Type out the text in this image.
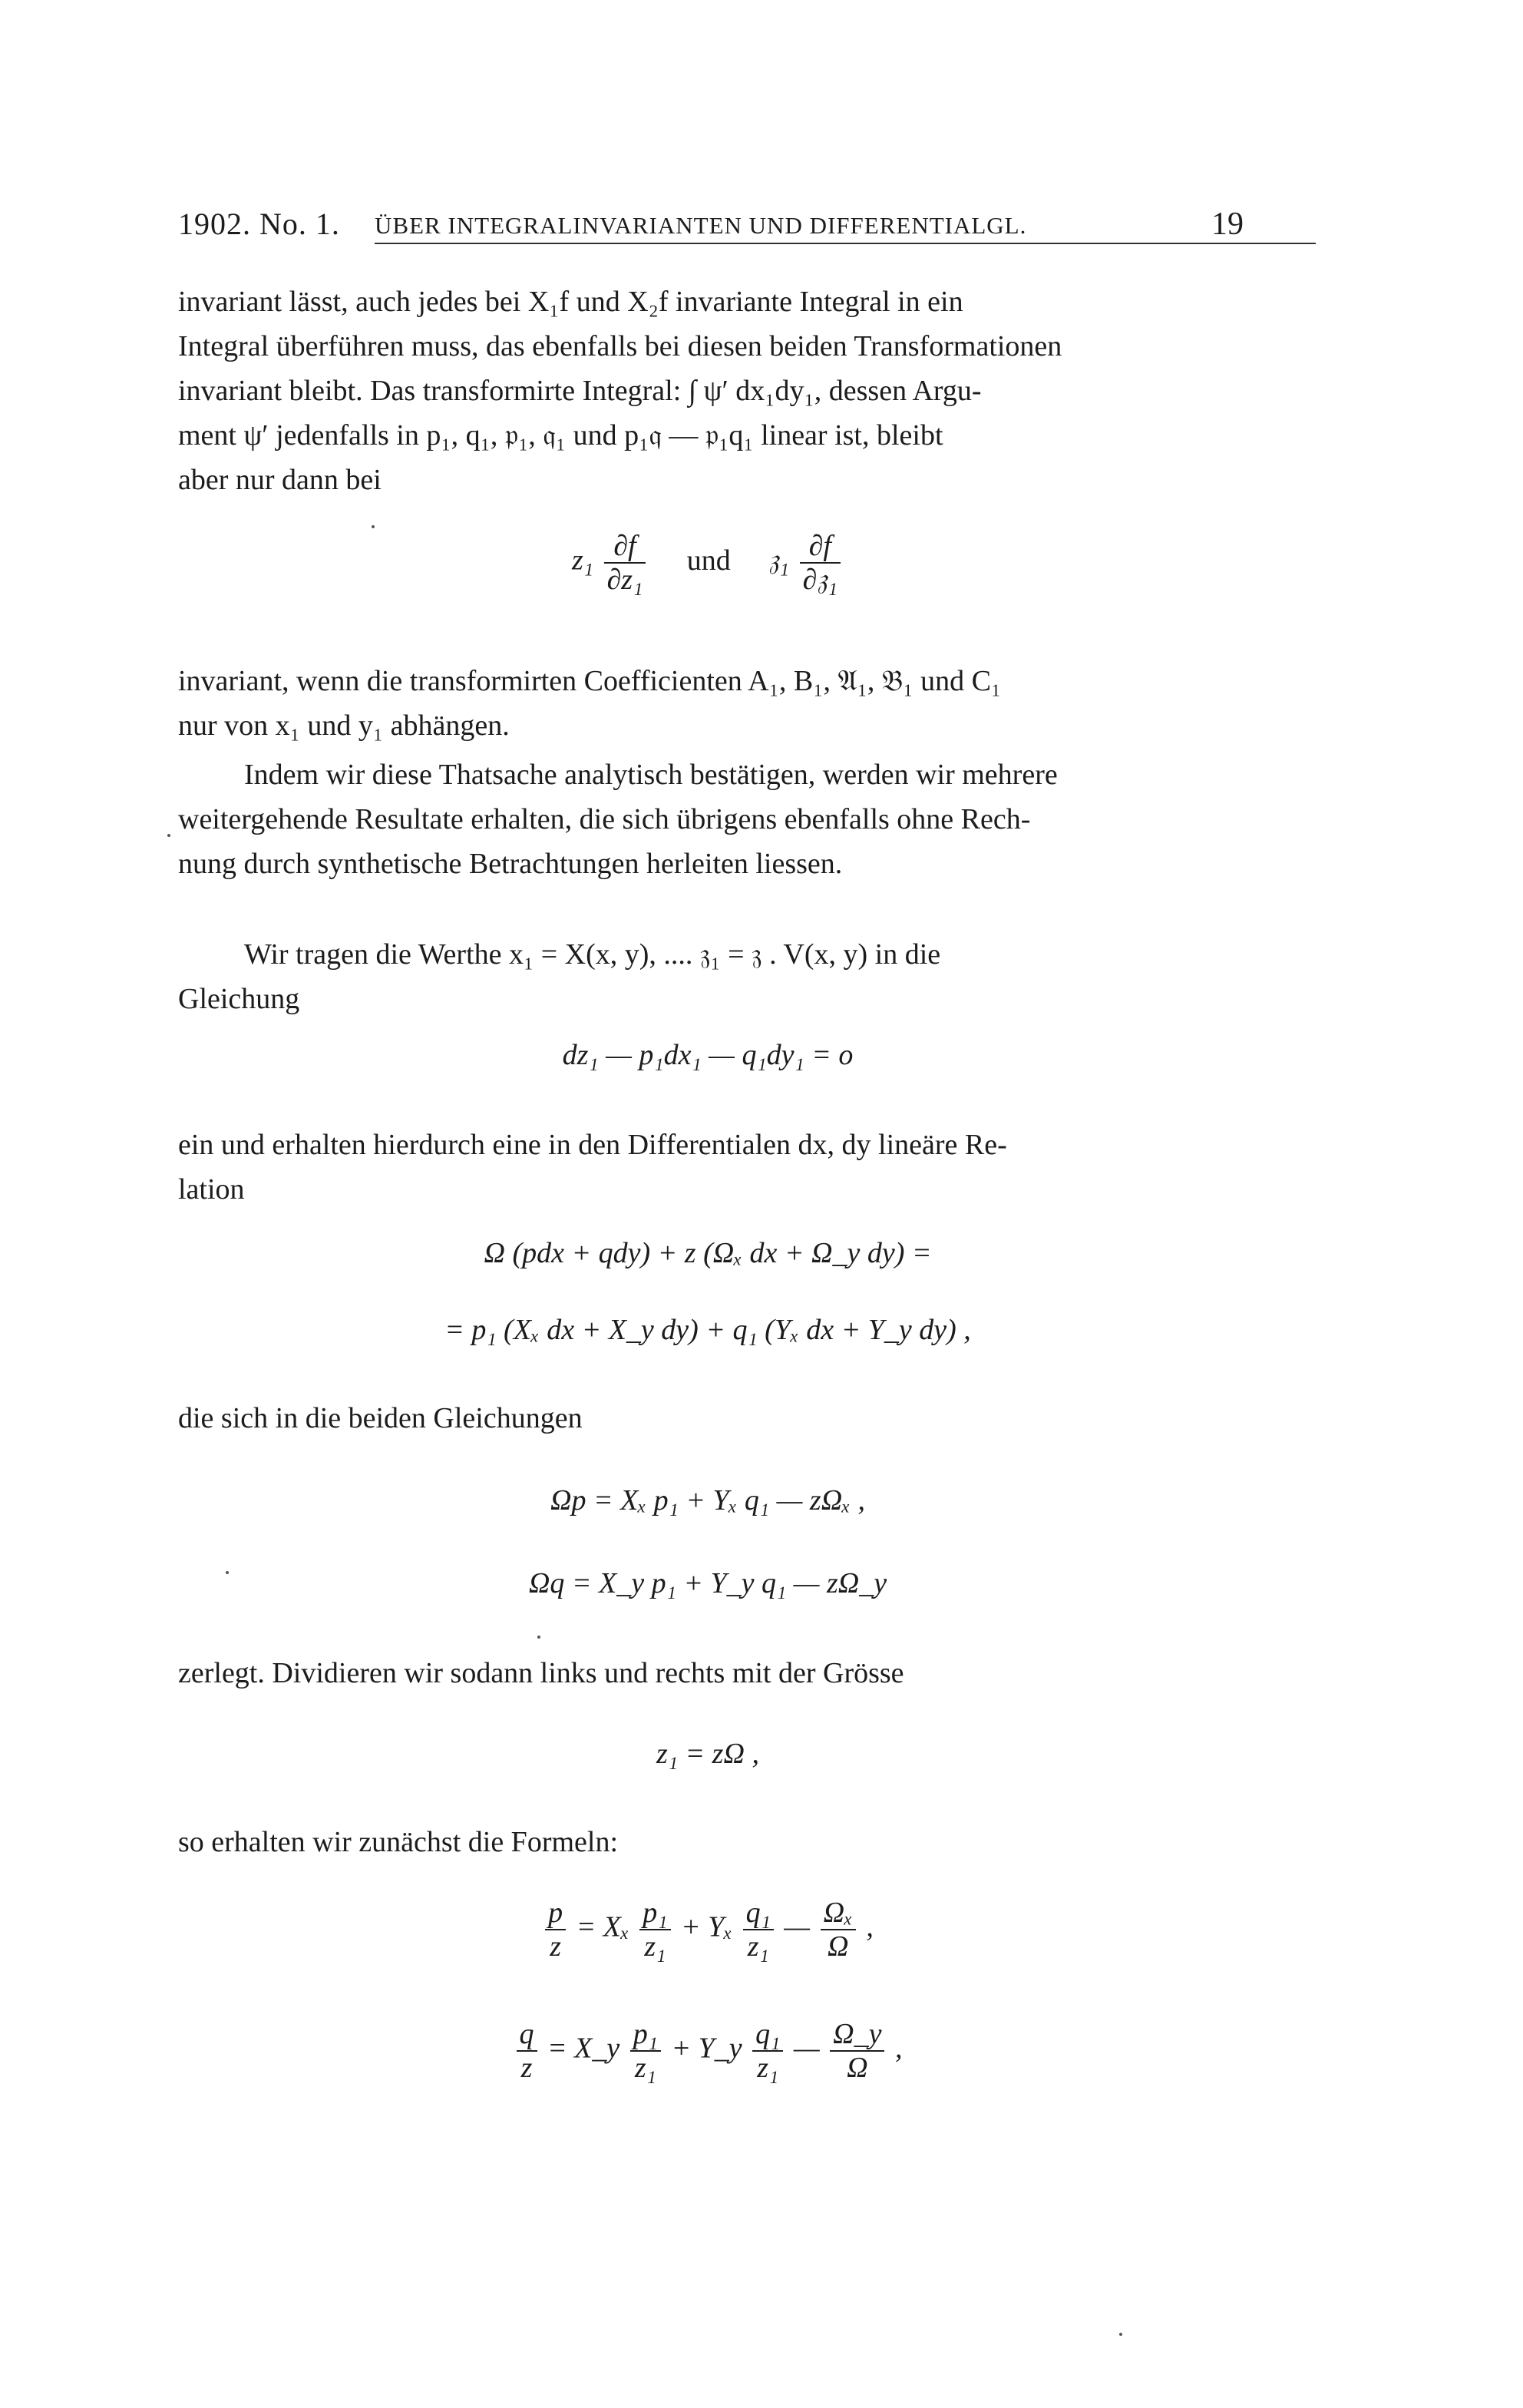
1902. No. 1. ÜBER INTEGRALINVARIANTEN UND DIFFERENTIALGL.	19
invariant lässt, auch jedes bei X₁f und X₂f invariante Integral in ein
Integral überführen muss, das ebenfalls bei diesen beiden Transformationen
invariant bleibt. Das transformirte Integral: ∫ ψ′ dx₁dy₁, dessen Argu-
ment ψ′ jedenfalls in p₁, q₁, 𝔭₁, 𝔮₁ und p₁𝔮 — 𝔭₁q₁ linear ist, bleibt
aber nur dann bei
$z_1 \frac{\partial f}{\text{∂z₁}}$ und 𝔷₁ $\frac{\partial f}{\text{∂𝔷₁}}$
invariant, wenn die transformirten Coefficienten A₁, B₁, 𝔄₁, 𝔅₁ und C₁
nur von x₁ und y₁ abhängen.
Indem wir diese Thatsache analytisch bestätigen, werden wir mehrere
weitergehende Resultate erhalten, die sich übrigens ebenfalls ohne Rech-
nung durch synthetische Betrachtungen herleiten liessen.
Wir tragen die Werthe x₁ = X(x, y), .... 𝔷₁ = 𝔷 . V(x, y) in die
Gleichung
dz₁ — p₁dx₁ — q₁dy₁ = o
ein und erhalten hierdurch eine in den Differentialen dx, dy lineäre Re-
lation
Ω (pdx + qdy) + z (Ωₓ dx + Ω_y dy) =
= p₁ (Xₓ dx + X_y dy) + q₁ (Yₓ dx + Y_y dy) ,
die sich in die beiden Gleichungen
Ωp = Xₓ p₁ + Yₓ q₁ — zΩₓ ,
Ωq = X_y p₁ + Y_y q₁ — zΩ_y
zerlegt. Dividieren wir sodann links und rechts mit der Grösse
z₁ = zΩ ,
so erhalten wir zunächst die Formeln:
$\frac{p}{z} = X_x \frac{\text{p₁}}{\text{z₁}} + Y_x \frac{\text{q₁}}{\text{z₁}}$ — $\frac{\text{Ωₓ}}{\Omega}$ ,
$\frac{q}{z}$ = X_y $\frac{\text{p₁}}{\text{z₁}}$ + Y_y $\frac{\text{q₁}}{\text{z₁}}$ — $\frac{\Omega\_y}{\Omega}$ ,
